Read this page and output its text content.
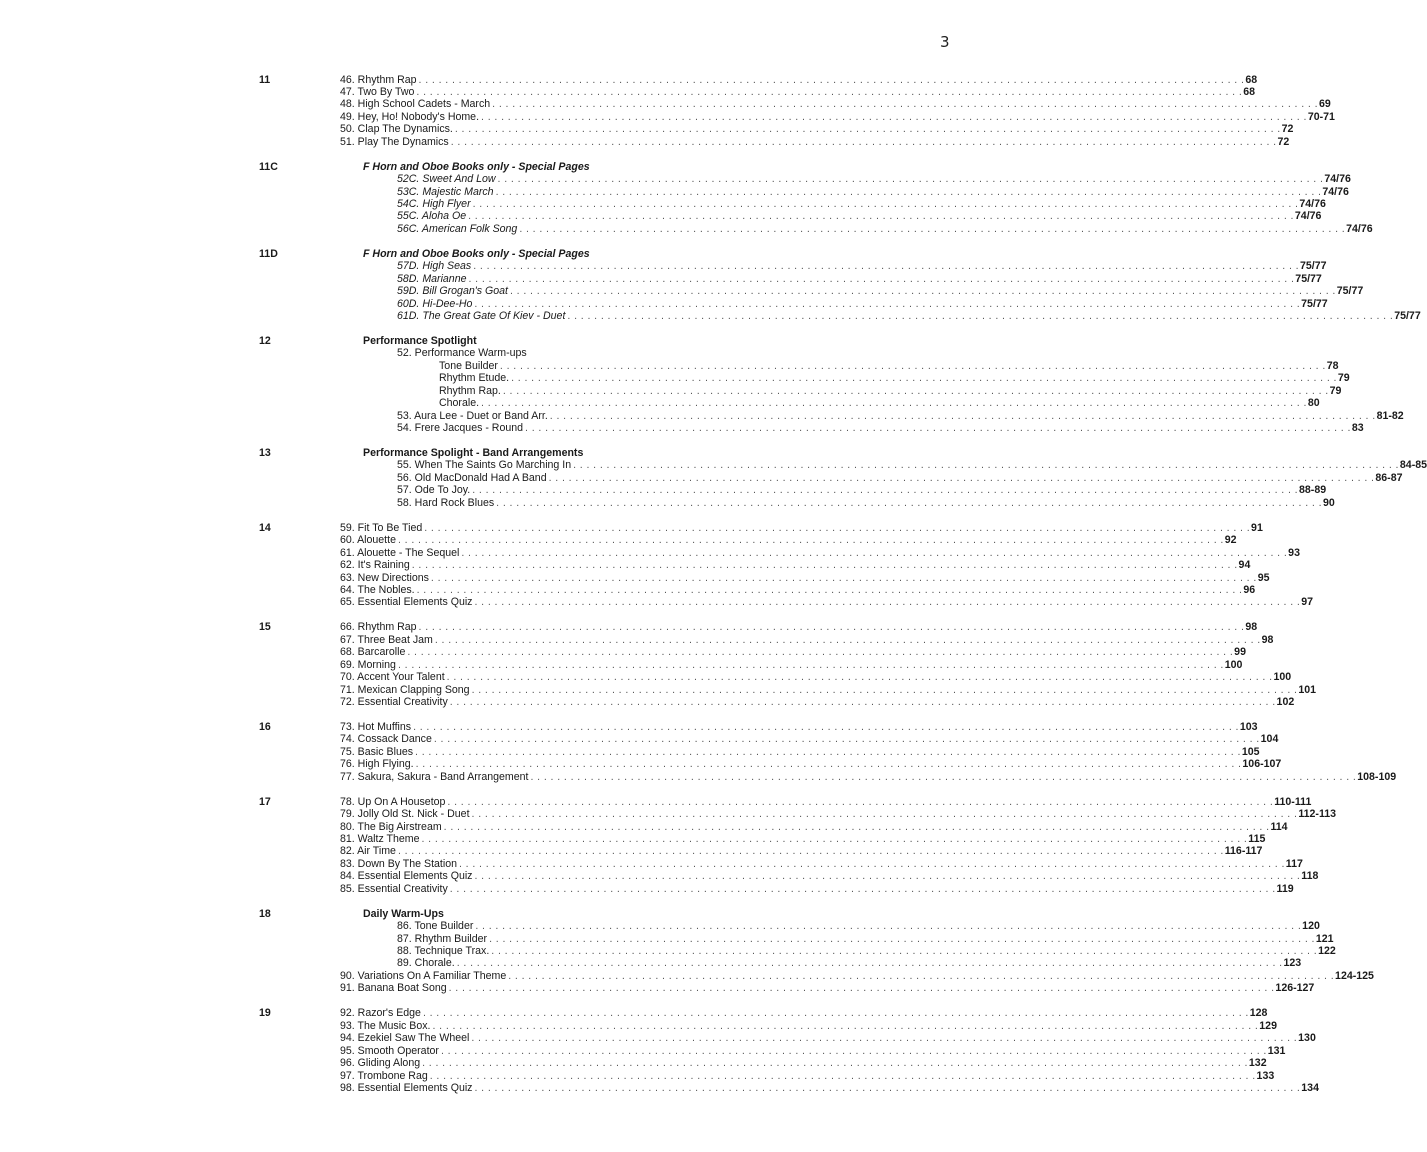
3
11	46. Rhythm Rap . . . . . . . . . . . . . . . . . . . . . . . . . . . . . . . . . . . . . . . . . . . . . . . . . . . . . . . . . . . . . . . . . . . . . . . . . . . . . . . . . . . . . . . . . . . . . . . . . . . . . . . . . . . . . . . . . . . . . . . . . . . . 68
47. Two By Two . . . . . . . . . . . . . . . . . . . . . . . . . . . . . . . . . . . . . . . . . . . . . . . . . . . . . . . . . . . . . . . . . . . . . . . . . . . . . . . . . . . . . . . . . . . . . . . . . . . . . . . . . . . . . . . . . . . . . . . . . . . . 68
48. High School Cadets - March . . . . . . . . . . . . . . . . . . . . . . . . . . . . . . . . . . . . . . . . . . . . . . . . . . . . . . . . . . . . . . . . . . . . . . . . . . . . . . . . . . . . . . . . . . . . . . . . . . . . . . . . . . . . . . . . . . . . . . . . . . . . 69
49. Hey, Ho! Nobody's Home. . . . . . . . . . . . . . . . . . . . . . . . . . . . . . . . . . . . . . . . . . . . . . . . . . . . . . . . . . . . . . . . . . . . . . . . . . . . . . . . . . . . . . . . . . . . . . . . . . . . . . . . . . . . . . . . . . . . . . . . . . . . . 70-71
50. Clap The Dynamics. . . . . . . . . . . . . . . . . . . . . . . . . . . . . . . . . . . . . . . . . . . . . . . . . . . . . . . . . . . . . . . . . . . . . . . . . . . . . . . . . . . . . . . . . . . . . . . . . . . . . . . . . . . . . . . . . . . . . . . . . . . . . 72
51. Play The Dynamics . . . . . . . . . . . . . . . . . . . . . . . . . . . . . . . . . . . . . . . . . . . . . . . . . . . . . . . . . . . . . . . . . . . . . . . . . . . . . . . . . . . . . . . . . . . . . . . . . . . . . . . . . . . . . . . . . . . . . . . . . . . . 72
11C	F Horn and Oboe Books only - Special Pages
52C. Sweet And Low . . . . . . . . . . . . . . . . . . . . . . . . . . . . . . . . . . . . . . . . . . . . . . . . . . . . . . . . . . . . . . . . . . . . . . . . . . . . . . . . . . . . . . . . . . . . . . . . . . . . . . . . . . . . . . . . . . . . . . . . . . . . 74/76
53C. Majestic March . . . . . . . . . . . . . . . . . . . . . . . . . . . . . . . . . . . . . . . . . . . . . . . . . . . . . . . . . . . . . . . . . . . . . . . . . . . . . . . . . . . . . . . . . . . . . . . . . . . . . . . . . . . . . . . . . . . . . . . . . . . . 74/76
54C. High Flyer . . . . . . . . . . . . . . . . . . . . . . . . . . . . . . . . . . . . . . . . . . . . . . . . . . . . . . . . . . . . . . . . . . . . . . . . . . . . . . . . . . . . . . . . . . . . . . . . . . . . . . . . . . . . . . . . . . . . . . . . . . . . 74/76
55C. Aloha Oe . . . . . . . . . . . . . . . . . . . . . . . . . . . . . . . . . . . . . . . . . . . . . . . . . . . . . . . . . . . . . . . . . . . . . . . . . . . . . . . . . . . . . . . . . . . . . . . . . . . . . . . . . . . . . . . . . . . . . . . . . . . . 74/76
56C. American Folk Song . . . . . . . . . . . . . . . . . . . . . . . . . . . . . . . . . . . . . . . . . . . . . . . . . . . . . . . . . . . . . . . . . . . . . . . . . . . . . . . . . . . . . . . . . . . . . . . . . . . . . . . . . . . . . . . . . . . . . . . . . . . . 74/76
11D	F Horn and Oboe Books only - Special Pages
57D. High Seas . . . . . . . . . . . . . . . . . . . . . . . . . . . . . . . . . . . . . . . . . . . . . . . . . . . . . . . . . . . . . . . . . . . . . . . . . . . . . . . . . . . . . . . . . . . . . . . . . . . . . . . . . . . . . . . . . . . . . . . . . . . . 75/77
58D. Marianne . . . . . . . . . . . . . . . . . . . . . . . . . . . . . . . . . . . . . . . . . . . . . . . . . . . . . . . . . . . . . . . . . . . . . . . . . . . . . . . . . . . . . . . . . . . . . . . . . . . . . . . . . . . . . . . . . . . . . . . . . . . . 75/77
59D. Bill Grogan's Goat . . . . . . . . . . . . . . . . . . . . . . . . . . . . . . . . . . . . . . . . . . . . . . . . . . . . . . . . . . . . . . . . . . . . . . . . . . . . . . . . . . . . . . . . . . . . . . . . . . . . . . . . . . . . . . . . . . . . . . . . . . . . 75/77
60D. Hi-Dee-Ho . . . . . . . . . . . . . . . . . . . . . . . . . . . . . . . . . . . . . . . . . . . . . . . . . . . . . . . . . . . . . . . . . . . . . . . . . . . . . . . . . . . . . . . . . . . . . . . . . . . . . . . . . . . . . . . . . . . . . . . . . . . . 75/77
61D. The Great Gate Of Kiev - Duet . . . . . . . . . . . . . . . . . . . . . . . . . . . . . . . . . . . . . . . . . . . . . . . . . . . . . . . . . . . . . . . . . . . . . . . . . . . . . . . . . . . . . . . . . . . . . . . . . . . . . . . . . . . . . . . . . . . . . . . . . . . . 75/77
12	Performance Spotlight
52. Performance Warm-ups
Tone Builder . . . . . . . . . . . . . . . . . . . . . . . . . . . . . . . . . . . . . . . . . . . . . . . . . . . . . . . . . . . . . . . . . . . . . . . . . . . . . . . . . . . . . . . . . . . . . . . . . . . . . . . . . . . . . . . . . . . . . . . . . . . . 78
Rhythm Etude. . . . . . . . . . . . . . . . . . . . . . . . . . . . . . . . . . . . . . . . . . . . . . . . . . . . . . . . . . . . . . . . . . . . . . . . . . . . . . . . . . . . . . . . . . . . . . . . . . . . . . . . . . . . . . . . . . . . . . . . . . . . . 79
Rhythm Rap. . . . . . . . . . . . . . . . . . . . . . . . . . . . . . . . . . . . . . . . . . . . . . . . . . . . . . . . . . . . . . . . . . . . . . . . . . . . . . . . . . . . . . . . . . . . . . . . . . . . . . . . . . . . . . . . . . . . . . . . . . . . . 79
Chorale. . . . . . . . . . . . . . . . . . . . . . . . . . . . . . . . . . . . . . . . . . . . . . . . . . . . . . . . . . . . . . . . . . . . . . . . . . . . . . . . . . . . . . . . . . . . . . . . . . . . . . . . . . . . . . . . . . . . . . . . . . . . . 80
53. Aura Lee - Duet or Band Arr. . . . . . . . . . . . . . . . . . . . . . . . . . . . . . . . . . . . . . . . . . . . . . . . . . . . . . . . . . . . . . . . . . . . . . . . . . . . . . . . . . . . . . . . . . . . . . . . . . . . . . . . . . . . . . . . . . . . . . . . . . . . . 81-82
54. Frere Jacques - Round . . . . . . . . . . . . . . . . . . . . . . . . . . . . . . . . . . . . . . . . . . . . . . . . . . . . . . . . . . . . . . . . . . . . . . . . . . . . . . . . . . . . . . . . . . . . . . . . . . . . . . . . . . . . . . . . . . . . . . . . . . . . 83
13	Performance Spolight - Band Arrangements
55. When The Saints Go Marching In . . . . . . . . . . . . . . . . . . . . . . . . . . . . . . . . . . . . . . . . . . . . . . . . . . . . . . . . . . . . . . . . . . . . . . . . . . . . . . . . . . . . . . . . . . . . . . . . . . . . . . . . . . . . . . . . . . . . . . . . . . . . 84-85
56. Old MacDonald Had A Band . . . . . . . . . . . . . . . . . . . . . . . . . . . . . . . . . . . . . . . . . . . . . . . . . . . . . . . . . . . . . . . . . . . . . . . . . . . . . . . . . . . . . . . . . . . . . . . . . . . . . . . . . . . . . . . . . . . . . . . . . . . . 86-87
57. Ode To Joy. . . . . . . . . . . . . . . . . . . . . . . . . . . . . . . . . . . . . . . . . . . . . . . . . . . . . . . . . . . . . . . . . . . . . . . . . . . . . . . . . . . . . . . . . . . . . . . . . . . . . . . . . . . . . . . . . . . . . . . . . . . . . 88-89
58. Hard Rock Blues . . . . . . . . . . . . . . . . . . . . . . . . . . . . . . . . . . . . . . . . . . . . . . . . . . . . . . . . . . . . . . . . . . . . . . . . . . . . . . . . . . . . . . . . . . . . . . . . . . . . . . . . . . . . . . . . . . . . . . . . . . . . 90
14	59. Fit To Be Tied . . . . . . . . . . . . . . . . . . . . . . . . . . . . . . . . . . . . . . . . . . . . . . . . . . . . . . . . . . . . . . . . . . . . . . . . . . . . . . . . . . . . . . . . . . . . . . . . . . . . . . . . . . . . . . . . . . . . . . . . . . . . 91
60. Alouette . . . . . . . . . . . . . . . . . . . . . . . . . . . . . . . . . . . . . . . . . . . . . . . . . . . . . . . . . . . . . . . . . . . . . . . . . . . . . . . . . . . . . . . . . . . . . . . . . . . . . . . . . . . . . . . . . . . . . . . . . . . . 92
61. Alouette - The Sequel . . . . . . . . . . . . . . . . . . . . . . . . . . . . . . . . . . . . . . . . . . . . . . . . . . . . . . . . . . . . . . . . . . . . . . . . . . . . . . . . . . . . . . . . . . . . . . . . . . . . . . . . . . . . . . . . . . . . . . . . . . . . 93
62. It's Raining . . . . . . . . . . . . . . . . . . . . . . . . . . . . . . . . . . . . . . . . . . . . . . . . . . . . . . . . . . . . . . . . . . . . . . . . . . . . . . . . . . . . . . . . . . . . . . . . . . . . . . . . . . . . . . . . . . . . . . . . . . . . 94
63. New Directions . . . . . . . . . . . . . . . . . . . . . . . . . . . . . . . . . . . . . . . . . . . . . . . . . . . . . . . . . . . . . . . . . . . . . . . . . . . . . . . . . . . . . . . . . . . . . . . . . . . . . . . . . . . . . . . . . . . . . . . . . . . . 95
64. The Nobles. . . . . . . . . . . . . . . . . . . . . . . . . . . . . . . . . . . . . . . . . . . . . . . . . . . . . . . . . . . . . . . . . . . . . . . . . . . . . . . . . . . . . . . . . . . . . . . . . . . . . . . . . . . . . . . . . . . . . . . . . . . . . 96
65. Essential Elements Quiz . . . . . . . . . . . . . . . . . . . . . . . . . . . . . . . . . . . . . . . . . . . . . . . . . . . . . . . . . . . . . . . . . . . . . . . . . . . . . . . . . . . . . . . . . . . . . . . . . . . . . . . . . . . . . . . . . . . . . . . . . . . . 97
15	66. Rhythm Rap . . . . . . . . . . . . . . . . . . . . . . . . . . . . . . . . . . . . . . . . . . . . . . . . . . . . . . . . . . . . . . . . . . . . . . . . . . . . . . . . . . . . . . . . . . . . . . . . . . . . . . . . . . . . . . . . . . . . . . . . . . . . 98
67. Three Beat Jam . . . . . . . . . . . . . . . . . . . . . . . . . . . . . . . . . . . . . . . . . . . . . . . . . . . . . . . . . . . . . . . . . . . . . . . . . . . . . . . . . . . . . . . . . . . . . . . . . . . . . . . . . . . . . . . . . . . . . . . . . . . . 98
68. Barcarolle . . . . . . . . . . . . . . . . . . . . . . . . . . . . . . . . . . . . . . . . . . . . . . . . . . . . . . . . . . . . . . . . . . . . . . . . . . . . . . . . . . . . . . . . . . . . . . . . . . . . . . . . . . . . . . . . . . . . . . . . . . . . 99
69. Morning . . . . . . . . . . . . . . . . . . . . . . . . . . . . . . . . . . . . . . . . . . . . . . . . . . . . . . . . . . . . . . . . . . . . . . . . . . . . . . . . . . . . . . . . . . . . . . . . . . . . . . . . . . . . . . . . . . . . . . . . . . . . 100
70. Accent Your Talent . . . . . . . . . . . . . . . . . . . . . . . . . . . . . . . . . . . . . . . . . . . . . . . . . . . . . . . . . . . . . . . . . . . . . . . . . . . . . . . . . . . . . . . . . . . . . . . . . . . . . . . . . . . . . . . . . . . . . . . . . . . . 100
71. Mexican Clapping Song . . . . . . . . . . . . . . . . . . . . . . . . . . . . . . . . . . . . . . . . . . . . . . . . . . . . . . . . . . . . . . . . . . . . . . . . . . . . . . . . . . . . . . . . . . . . . . . . . . . . . . . . . . . . . . . . . . . . . . . . . . . . 101
72. Essential Creativity . . . . . . . . . . . . . . . . . . . . . . . . . . . . . . . . . . . . . . . . . . . . . . . . . . . . . . . . . . . . . . . . . . . . . . . . . . . . . . . . . . . . . . . . . . . . . . . . . . . . . . . . . . . . . . . . . . . . . . . . . . . . 102
16	73. Hot Muffins . . . . . . . . . . . . . . . . . . . . . . . . . . . . . . . . . . . . . . . . . . . . . . . . . . . . . . . . . . . . . . . . . . . . . . . . . . . . . . . . . . . . . . . . . . . . . . . . . . . . . . . . . . . . . . . . . . . . . . . . . . . . 103
74. Cossack Dance . . . . . . . . . . . . . . . . . . . . . . . . . . . . . . . . . . . . . . . . . . . . . . . . . . . . . . . . . . . . . . . . . . . . . . . . . . . . . . . . . . . . . . . . . . . . . . . . . . . . . . . . . . . . . . . . . . . . . . . . . . . . 104
75. Basic Blues . . . . . . . . . . . . . . . . . . . . . . . . . . . . . . . . . . . . . . . . . . . . . . . . . . . . . . . . . . . . . . . . . . . . . . . . . . . . . . . . . . . . . . . . . . . . . . . . . . . . . . . . . . . . . . . . . . . . . . . . . . . . 105
76. High Flying. . . . . . . . . . . . . . . . . . . . . . . . . . . . . . . . . . . . . . . . . . . . . . . . . . . . . . . . . . . . . . . . . . . . . . . . . . . . . . . . . . . . . . . . . . . . . . . . . . . . . . . . . . . . . . . . . . . . . . . . . . . . . 106-107
77. Sakura, Sakura - Band Arrangement . . . . . . . . . . . . . . . . . . . . . . . . . . . . . . . . . . . . . . . . . . . . . . . . . . . . . . . . . . . . . . . . . . . . . . . . . . . . . . . . . . . . . . . . . . . . . . . . . . . . . . . . . . . . . . . . . . . . . . . . . . . . 108-109
17	78. Up On A Housetop . . . . . . . . . . . . . . . . . . . . . . . . . . . . . . . . . . . . . . . . . . . . . . . . . . . . . . . . . . . . . . . . . . . . . . . . . . . . . . . . . . . . . . . . . . . . . . . . . . . . . . . . . . . . . . . . . . . . . . . . . . . . 110-111
79. Jolly Old St. Nick - Duet . . . . . . . . . . . . . . . . . . . . . . . . . . . . . . . . . . . . . . . . . . . . . . . . . . . . . . . . . . . . . . . . . . . . . . . . . . . . . . . . . . . . . . . . . . . . . . . . . . . . . . . . . . . . . . . . . . . . . . . . . . . . 112-113
80. The Big Airstream . . . . . . . . . . . . . . . . . . . . . . . . . . . . . . . . . . . . . . . . . . . . . . . . . . . . . . . . . . . . . . . . . . . . . . . . . . . . . . . . . . . . . . . . . . . . . . . . . . . . . . . . . . . . . . . . . . . . . . . . . . . . 114
81. Waltz Theme . . . . . . . . . . . . . . . . . . . . . . . . . . . . . . . . . . . . . . . . . . . . . . . . . . . . . . . . . . . . . . . . . . . . . . . . . . . . . . . . . . . . . . . . . . . . . . . . . . . . . . . . . . . . . . . . . . . . . . . . . . . . 115
82. Air Time . . . . . . . . . . . . . . . . . . . . . . . . . . . . . . . . . . . . . . . . . . . . . . . . . . . . . . . . . . . . . . . . . . . . . . . . . . . . . . . . . . . . . . . . . . . . . . . . . . . . . . . . . . . . . . . . . . . . . . . . . . . . 116-117
83. Down By The Station . . . . . . . . . . . . . . . . . . . . . . . . . . . . . . . . . . . . . . . . . . . . . . . . . . . . . . . . . . . . . . . . . . . . . . . . . . . . . . . . . . . . . . . . . . . . . . . . . . . . . . . . . . . . . . . . . . . . . . . . . . . . 117
84. Essential Elements Quiz . . . . . . . . . . . . . . . . . . . . . . . . . . . . . . . . . . . . . . . . . . . . . . . . . . . . . . . . . . . . . . . . . . . . . . . . . . . . . . . . . . . . . . . . . . . . . . . . . . . . . . . . . . . . . . . . . . . . . . . . . . . . 118
85. Essential Creativity . . . . . . . . . . . . . . . . . . . . . . . . . . . . . . . . . . . . . . . . . . . . . . . . . . . . . . . . . . . . . . . . . . . . . . . . . . . . . . . . . . . . . . . . . . . . . . . . . . . . . . . . . . . . . . . . . . . . . . . . . . . . 119
18	Daily Warm-Ups
86. Tone Builder . . . . . . . . . . . . . . . . . . . . . . . . . . . . . . . . . . . . . . . . . . . . . . . . . . . . . . . . . . . . . . . . . . . . . . . . . . . . . . . . . . . . . . . . . . . . . . . . . . . . . . . . . . . . . . . . . . . . . . . . . . . . 120
87. Rhythm Builder . . . . . . . . . . . . . . . . . . . . . . . . . . . . . . . . . . . . . . . . . . . . . . . . . . . . . . . . . . . . . . . . . . . . . . . . . . . . . . . . . . . . . . . . . . . . . . . . . . . . . . . . . . . . . . . . . . . . . . . . . . . . 121
88. Technique Trax. . . . . . . . . . . . . . . . . . . . . . . . . . . . . . . . . . . . . . . . . . . . . . . . . . . . . . . . . . . . . . . . . . . . . . . . . . . . . . . . . . . . . . . . . . . . . . . . . . . . . . . . . . . . . . . . . . . . . . . . . . . . . 122
89. Chorale. . . . . . . . . . . . . . . . . . . . . . . . . . . . . . . . . . . . . . . . . . . . . . . . . . . . . . . . . . . . . . . . . . . . . . . . . . . . . . . . . . . . . . . . . . . . . . . . . . . . . . . . . . . . . . . . . . . . . . . . . . . . . 123
90. Variations On A Familiar Theme . . . . . . . . . . . . . . . . . . . . . . . . . . . . . . . . . . . . . . . . . . . . . . . . . . . . . . . . . . . . . . . . . . . . . . . . . . . . . . . . . . . . . . . . . . . . . . . . . . . . . . . . . . . . . . . . . . . . . . . . . . . . 124-125
91. Banana Boat Song . . . . . . . . . . . . . . . . . . . . . . . . . . . . . . . . . . . . . . . . . . . . . . . . . . . . . . . . . . . . . . . . . . . . . . . . . . . . . . . . . . . . . . . . . . . . . . . . . . . . . . . . . . . . . . . . . . . . . . . . . . . . 126-127
19	92. Razor's Edge . . . . . . . . . . . . . . . . . . . . . . . . . . . . . . . . . . . . . . . . . . . . . . . . . . . . . . . . . . . . . . . . . . . . . . . . . . . . . . . . . . . . . . . . . . . . . . . . . . . . . . . . . . . . . . . . . . . . . . . . . . . . 128
93. The Music Box. . . . . . . . . . . . . . . . . . . . . . . . . . . . . . . . . . . . . . . . . . . . . . . . . . . . . . . . . . . . . . . . . . . . . . . . . . . . . . . . . . . . . . . . . . . . . . . . . . . . . . . . . . . . . . . . . . . . . . . . . . . . . 129
94. Ezekiel Saw The Wheel . . . . . . . . . . . . . . . . . . . . . . . . . . . . . . . . . . . . . . . . . . . . . . . . . . . . . . . . . . . . . . . . . . . . . . . . . . . . . . . . . . . . . . . . . . . . . . . . . . . . . . . . . . . . . . . . . . . . . . . . . . . . 130
95. Smooth Operator . . . . . . . . . . . . . . . . . . . . . . . . . . . . . . . . . . . . . . . . . . . . . . . . . . . . . . . . . . . . . . . . . . . . . . . . . . . . . . . . . . . . . . . . . . . . . . . . . . . . . . . . . . . . . . . . . . . . . . . . . . . . 131
96. Gliding Along . . . . . . . . . . . . . . . . . . . . . . . . . . . . . . . . . . . . . . . . . . . . . . . . . . . . . . . . . . . . . . . . . . . . . . . . . . . . . . . . . . . . . . . . . . . . . . . . . . . . . . . . . . . . . . . . . . . . . . . . . . . . 132
97. Trombone Rag . . . . . . . . . . . . . . . . . . . . . . . . . . . . . . . . . . . . . . . . . . . . . . . . . . . . . . . . . . . . . . . . . . . . . . . . . . . . . . . . . . . . . . . . . . . . . . . . . . . . . . . . . . . . . . . . . . . . . . . . . . . . 133
98. Essential Elements Quiz . . . . . . . . . . . . . . . . . . . . . . . . . . . . . . . . . . . . . . . . . . . . . . . . . . . . . . . . . . . . . . . . . . . . . . . . . . . . . . . . . . . . . . . . . . . . . . . . . . . . . . . . . . . . . . . . . . . . . . . . . . . . 134
